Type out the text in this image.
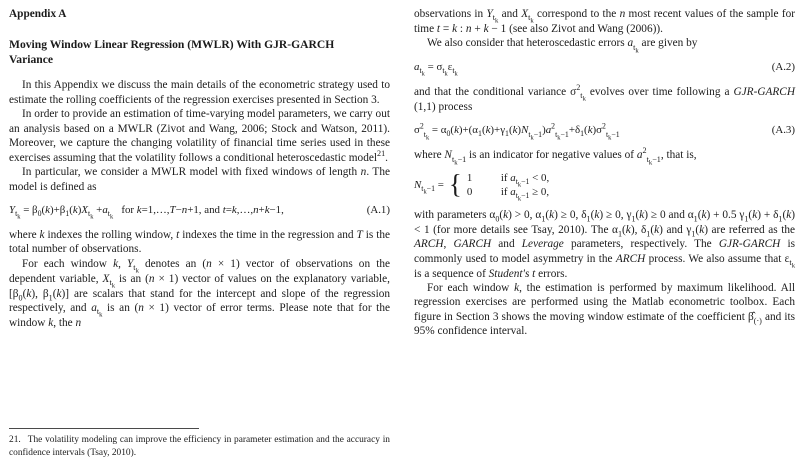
Appendix A
Moving Window Linear Regression (MWLR) With GJR-GARCH Variance

In this Appendix we discuss the main details of the econometric strategy used to estimate the rolling coefficients of the regression exercises presented in Section 3.

In order to provide an estimation of time-varying model parameters, we carry out an analysis based on a MWLR (Zivot and Wang, 2006; Stock and Watson, 2011). Moreover, we capture the changing volatility of financial time series used in these exercises assuming that the volatility follows a conditional heteroscedastic model$^{21}$.

In particular, we consider a MWLR model with fixed windows of length n. The model is defined as

$Y_{t_k} = \beta_0(k)+\beta_1(k)X_{t_k} +a_{t_k}$   for k=1,…,T−n+1, and t=k,…,n+k−1,	(A.1)

where k indexes the rolling window, t indexes the time in the regression and T is the total number of observations.

For each window k, $Y_{t_k}$ denotes an (n × 1) vector of observations on the dependent variable, $X_{t_k}$ is an (n × 1) vector of values on the explanatory variable, [$\beta_0(k)$, $\beta_1(k)$] are scalars that stand for the intercept and slope of the regression respectively, and $a_{t_k}$ is an (n × 1) vector of error terms. Please note that for the window k, the n

21. The volatility modeling can improve the efficiency in parameter estimation and the accuracy in confidence intervals (Tsay, 2010).

observations in $Y_{t_k}$ and $X_{t_k}$ correspond to the n most recent values of the sample for time t = k : n + k − 1 (see also Zivot and Wang (2006)).

We also consider that heteroscedastic errors $a_{t_k}$ are given by

$a_{t_k} = \sigma_{t_k}\varepsilon_{t_k}$
(A.2)

and that the conditional variance $\sigma^2_{t_k}$ evolves over time following a GJR-GARCH (1,1) process

$\sigma^2_{t_k} = \alpha_0(k)+(\alpha_1(k)+\gamma_1(k)N_{t_k-1})a^2_{t_k-1}+\delta_1(k)\sigma^2_{t_k-1}$	(A.3)

where $N_{t_k-1}$ is an indicator for negative values of $a^2_{t_k-1}$, that is,

$N_{t_k-1}$ = { 1	if $a_{t_k-1} < 0$,
0	if $a_{t_k-1} \ge 0$,

with parameters $\alpha_0(k) > 0$, $\alpha_1(k) \ge 0$, $\delta_1(k) \ge 0$, $\gamma_1(k) \ge 0$ and $\alpha_1(k) + 0.5$ $\gamma_1(k) + \delta_1(k) < 1$ (for more details see Tsay, 2010). The $\alpha_1(k)$, $\delta_1(k)$ and $\gamma_1(k)$ are referred as the ARCH, GARCH and Leverage parameters, respectively. The GJR-GARCH is commonly used to model asymmetry in the ARCH process. We also assume that $\varepsilon_{t_k}$ is a sequence of Student's t errors.

For each window k, the estimation is performed by maximum likelihood. All regression exercises are performed using the Matlab econometric toolbox. Each figure in Section 3 shows the moving window estimate of the coefficient $\betâ_{(\cdot)}$ and its 95% confidence interval.
